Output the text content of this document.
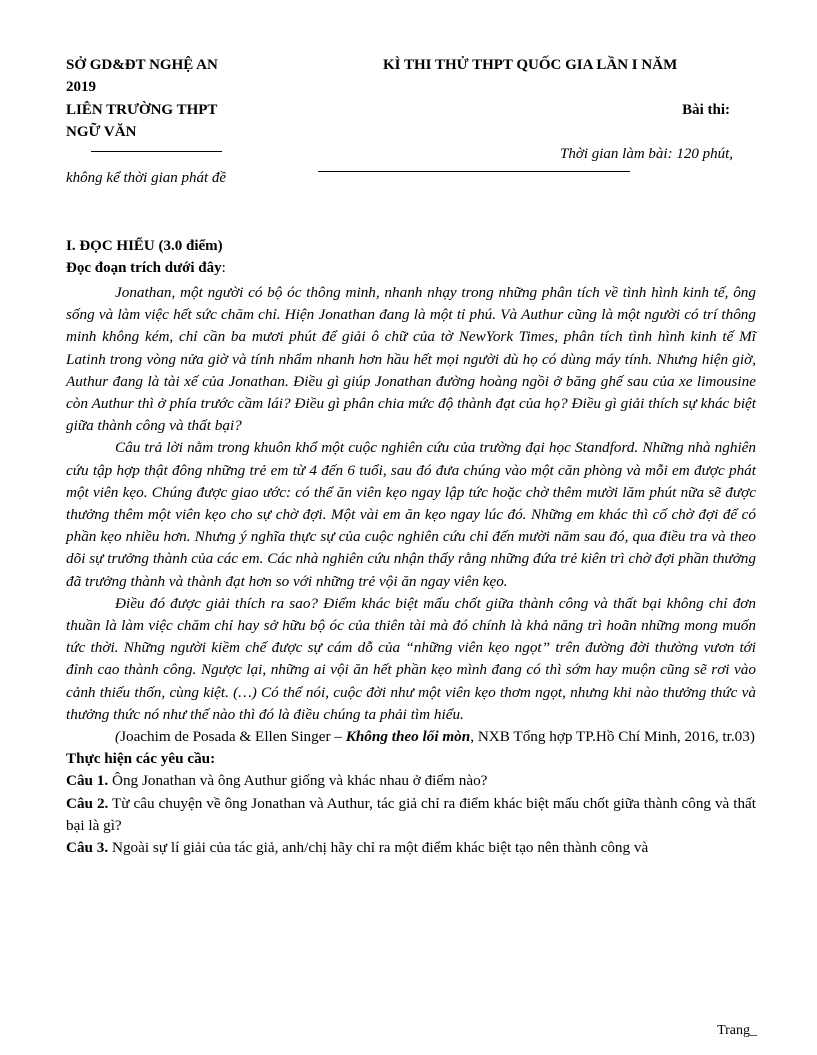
SỞ GD&ĐT NGHỆ AN	KÌ THI THỬ THPT QUỐC GIA LẦN I NĂM
2019
LIÊN TRƯỜNG THPT	Bài thi:
NGỮ VĂN
Thời gian làm bài: 120 phút,
không kể thời gian phát đề
I. ĐỌC HIỂU (3.0 điểm)
Đọc đoạn trích dưới đây:

Jonathan, một người có bộ óc thông minh, nhanh nhạy trong những phân tích về tình hình kinh tế, ông sống và làm việc hết sức chăm chỉ. Hiện Jonathan đang là một tỉ phú. Và Authur cũng là một người có trí thông minh không kém, chỉ cần ba mươi phút để giải ô chữ của tờ NewYork Times, phân tích tình hình kinh tế Mĩ Latinh trong vòng nửa giờ và tính nhẩm nhanh hơn hầu hết mọi người dù họ có dùng máy tính. Nhưng hiện giờ, Authur đang là tài xế của Jonathan. Điều gì giúp Jonathan đường hoàng ngồi ở băng ghế sau của xe limousine còn Authur thì ở phía trước cầm lái? Điều gì phân chia mức độ thành đạt của họ? Điều gì giải thích sự khác biệt giữa thành công và thất bại?

Câu trả lời nằm trong khuôn khổ một cuộc nghiên cứu của trường đại học Standford. Những nhà nghiên cứu tập hợp thật đông những trẻ em từ 4 đến 6 tuổi, sau đó đưa chúng vào một căn phòng và mỗi em được phát một viên kẹo. Chúng được giao ước: có thể ăn viên kẹo ngay lập tức hoặc chờ thêm mười lăm phút nữa sẽ được thưởng thêm một viên kẹo cho sự chờ đợi. Một vài em ăn kẹo ngay lúc đó. Những em khác thì cố chờ đợi để có phần kẹo nhiều hơn. Nhưng ý nghĩa thực sự của cuộc nghiên cứu chỉ đến mười năm sau đó, qua điều tra và theo dõi sự trưởng thành của các em. Các nhà nghiên cứu nhận thấy rằng những đứa trẻ kiên trì chờ đợi phần thưởng đã trưởng thành và thành đạt hơn so với những trẻ vội ăn ngay viên kẹo.

Điều đó được giải thích ra sao? Điểm khác biệt mấu chốt giữa thành công và thất bại không chỉ đơn thuần là làm việc chăm chỉ hay sở hữu bộ óc của thiên tài mà đó chính là khả năng trì hoãn những mong muốn tức thời. Những người kiềm chế được sự cám dỗ của “những viên kẹo ngọt” trên đường đời thường vươn tới đỉnh cao thành công. Ngược lại, những ai vội ăn hết phần kẹo mình đang có thì sớm hay muộn cũng sẽ rơi vào cảnh thiếu thốn, cùng kiệt. (…) Có thể nói, cuộc đời như một viên kẹo thơm ngọt, nhưng khi nào thưởng thức và thưởng thức nó như thế nào thì đó là điều chúng ta phải tìm hiểu.

(Joachim de Posada & Ellen Singer – Không theo lối mòn, NXB Tổng hợp TP.Hồ Chí Minh, 2016, tr.03)

Thực hiện các yêu cầu:

Câu 1. Ông Jonathan và ông Authur giống và khác nhau ở điểm nào?

Câu 2. Từ câu chuyện về ông Jonathan và Authur, tác giả chỉ ra điểm khác biệt mấu chốt giữa thành công và thất bại là gì?

Câu 3. Ngoài sự lí giải của tác giả, anh/chị hãy chỉ ra một điểm khác biệt tạo nên thành công và

Trang_
